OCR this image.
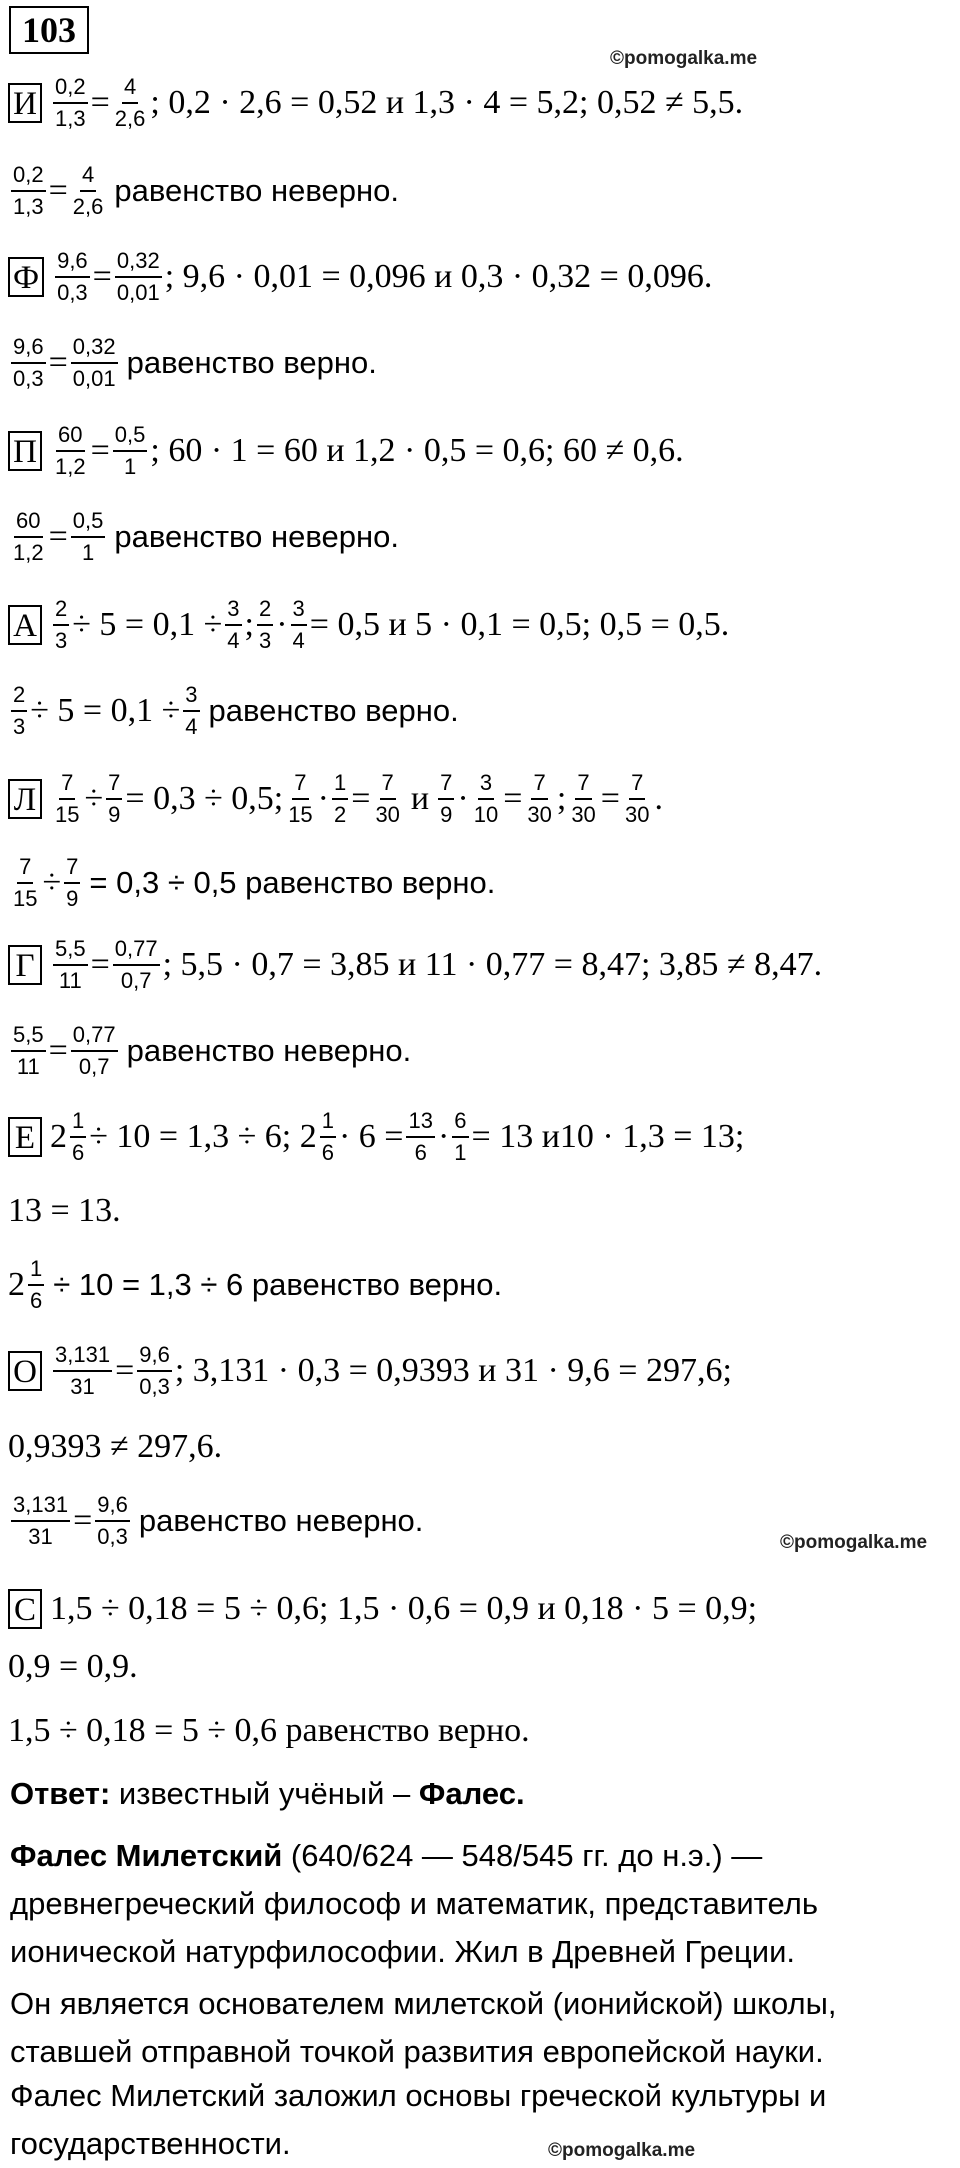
103
©pomogalka.me
©pomogalka.me
©pomogalka.me
И $\frac{0,2}{1,3} = \frac{4}{2,6}$ ; 0,2 · 2,6 = 0,52 и 1,3 · 4 = 5,2; 0,52 ≠ 5,5.
$\frac{0,2}{1,3} = \frac{4}{2,6}$ равенство неверно.
Ф $\frac{9,6}{0,3} = \frac{0,32}{0,01}$ ; 9,6 · 0,01 = 0,096 и 0,3 · 0,32 = 0,096.
$\frac{9,6}{0,3} = \frac{0,32}{0,01}$ равенство верно.
П $\frac{60}{1,2} = \frac{0,5}{1}$ ; 60 · 1 = 60 и 1,2 · 0,5 = 0,6; 60 ≠ 0,6.
$\frac{60}{1,2} = \frac{0,5}{1}$ равенство неверно.
А $\frac{2}{3} \div 5 = 0,1 \div \frac{3}{4}$ ; $\frac{2}{3} \cdot \frac{3}{4} = 0,5$ и 5 · 0,1 = 0,5; 0,5 = 0,5.
$\frac{2}{3} \div 5 = 0,1 \div \frac{3}{4}$ равенство верно.
Л $\frac{7}{15} \div \frac{7}{9} = 0,3 \div 0,5$; $\frac{7}{15} \cdot \frac{1}{2} = \frac{7}{30}$ и $\frac{7}{9} \cdot \frac{3}{10} = \frac{7}{30}$ ; $\frac{7}{30} = \frac{7}{30}$ .
$\frac{7}{15} \div \frac{7}{9} = 0,3 \div 0,5$ равенство верно.
Г $\frac{5,5}{11} = \frac{0,77}{0,7}$ ; 5,5 · 0,7 = 3,85 и 11 · 0,77 = 8,47; 3,85 ≠ 8,47.
$\frac{5,5}{11} = \frac{0,77}{0,7}$ равенство неверно.
Е $2 \frac{1}{6} \div 10 = 1,3 \div 6$; $2 \frac{1}{6} \cdot 6 = \frac{13}{6} \cdot \frac{6}{1} = 13$ и10 · 1,3 = 13;
13 = 13.
$2 \frac{1}{6} \div 10 = 1,3 \div 6$ равенство верно.
О $\frac{3,131}{31} = \frac{9,6}{0,3}$ ; 3,131 · 0,3 = 0,9393 и 31 · 9,6 = 297,6;
0,9393 ≠ 297,6.
$\frac{3,131}{31} = \frac{9,6}{0,3}$ равенство неверно.
С 1,5 ÷ 0,18 = 5 ÷ 0,6; 1,5 · 0,6 = 0,9 и 0,18 · 5 = 0,9;
0,9 = 0,9.
1,5 ÷ 0,18 = 5 ÷ 0,6 равенство верно.
Ответ: известный учёный – Фалес.
Фалес Милетский (640/624 — 548/545 гг. до н.э.) — древнегреческий философ и математик, представитель ионической натурфилософии. Жил в Древней Греции.
Он является основателем милетской (ионийской) школы, ставшей отправной точкой развития европейской науки.
Фалес Милетский заложил основы греческой культуры и государственности.
